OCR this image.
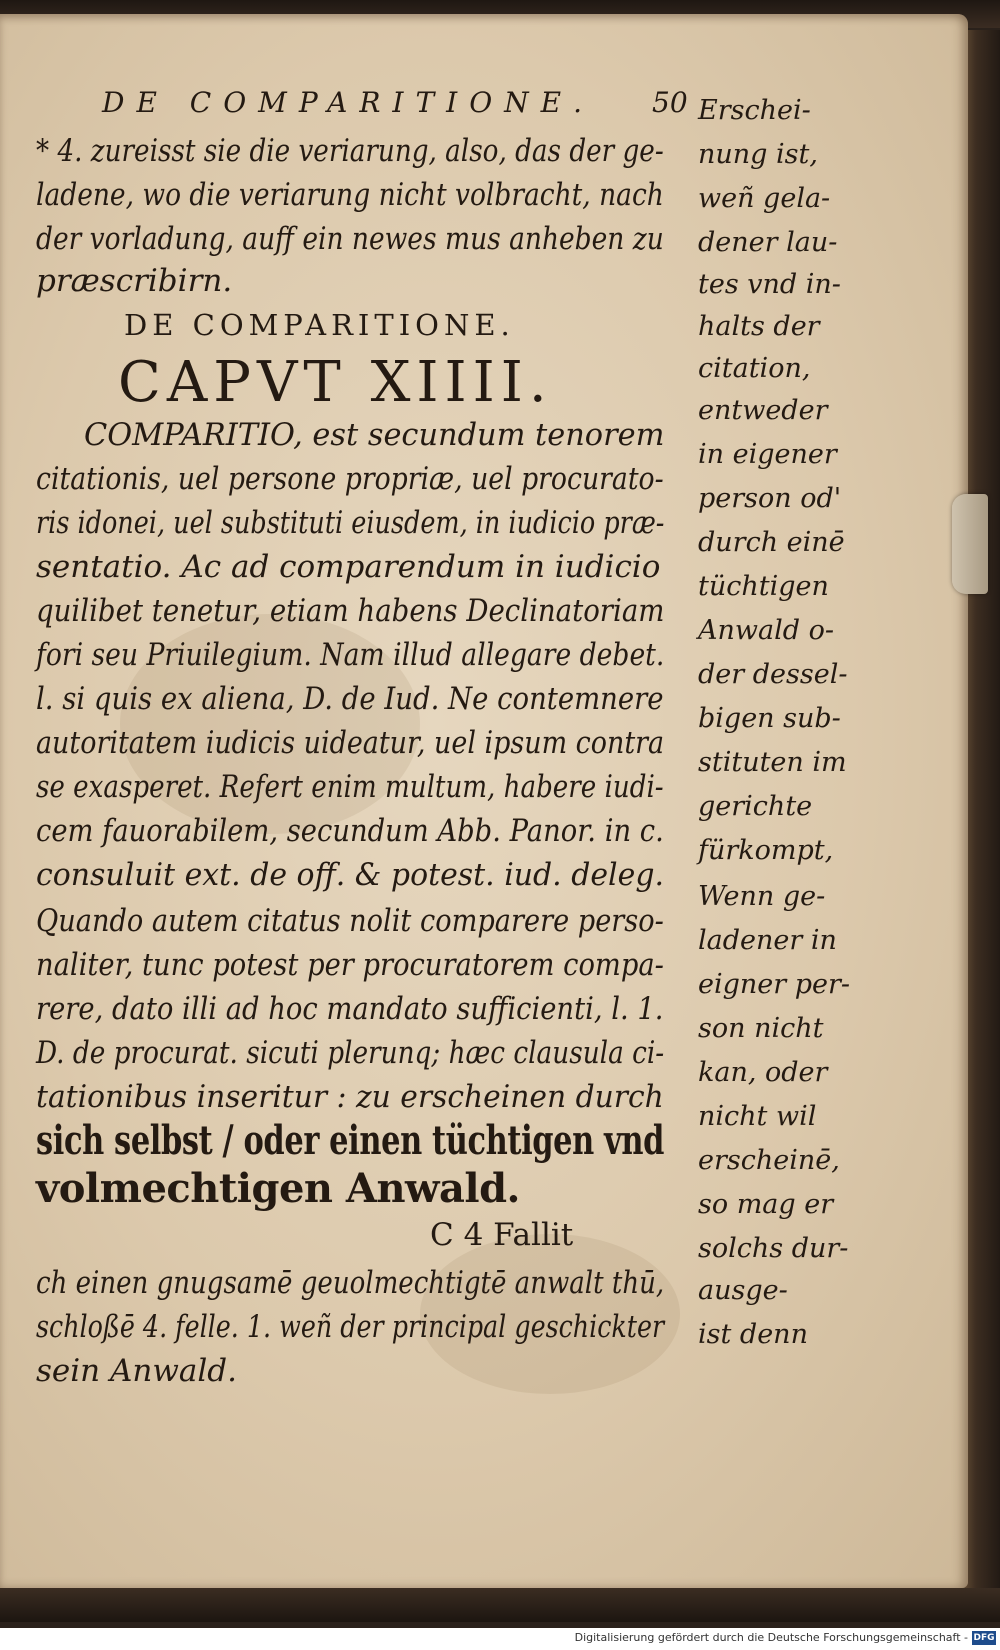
DE COMPARITIONE. 50
* 4. zureisst sie die veriarung, also, das der ge-
ladene, wo die veriarung nicht volbracht, nach
der vorladung, auff ein newes mus anheben zu
præscribirn.
DE COMPARITIONE.
CAPVT XIIII.
COMPARITIO, est secundum tenorem
citationis, uel persone propriæ, uel procurato-
ris idonei, uel substituti eiusdem, in iudicio præ-
sentatio. Ac ad comparendum in iudicio
quilibet tenetur, etiam habens Declinatoriam
fori seu Priuilegium. Nam illud allegare debet.
l. si quis ex aliena, D. de Iud. Ne contemnere
autoritatem iudicis uideatur, uel ipsum contra
se exasperet. Refert enim multum, habere iudi-
cem fauorabilem, secundum Abb. Panor. in c.
consuluit ext. de off. & potest. iud. deleg.
Quando autem citatus nolit comparere perso-
naliter, tunc potest per procuratorem compa-
rere, dato illi ad hoc mandato sufficienti, l. 1.
D. de procurat. sicuti plerunq; hæc clausula ci-
tationibus inseritur : zu erscheinen durch
sich selbst / oder einen tüchtigen vnd
volmechtigen Anwald.
C 4 Fallit
ch einen gnugsamē geuolmechtigtē anwalt thū,
schloßē 4. felle. 1. weñ der principal geschickter
sein Anwald.
Erschei-
nung ist,
weñ gela-
dener lau-
tes vnd in-
halts der
citation,
entweder
in eigener
person od'
durch einē
tüchtigen
Anwald o-
der dessel-
bigen sub-
stituten im
gerichte
fürkompt,
Wenn ge-
ladener in
eigner per-
son nicht
kan, oder
nicht wil
erscheinē,
so mag er
solchs dur-
ausge-
ist denn
Digitalisierung gefördert durch die Deutsche Forschungsgemeinschaft - DFG
